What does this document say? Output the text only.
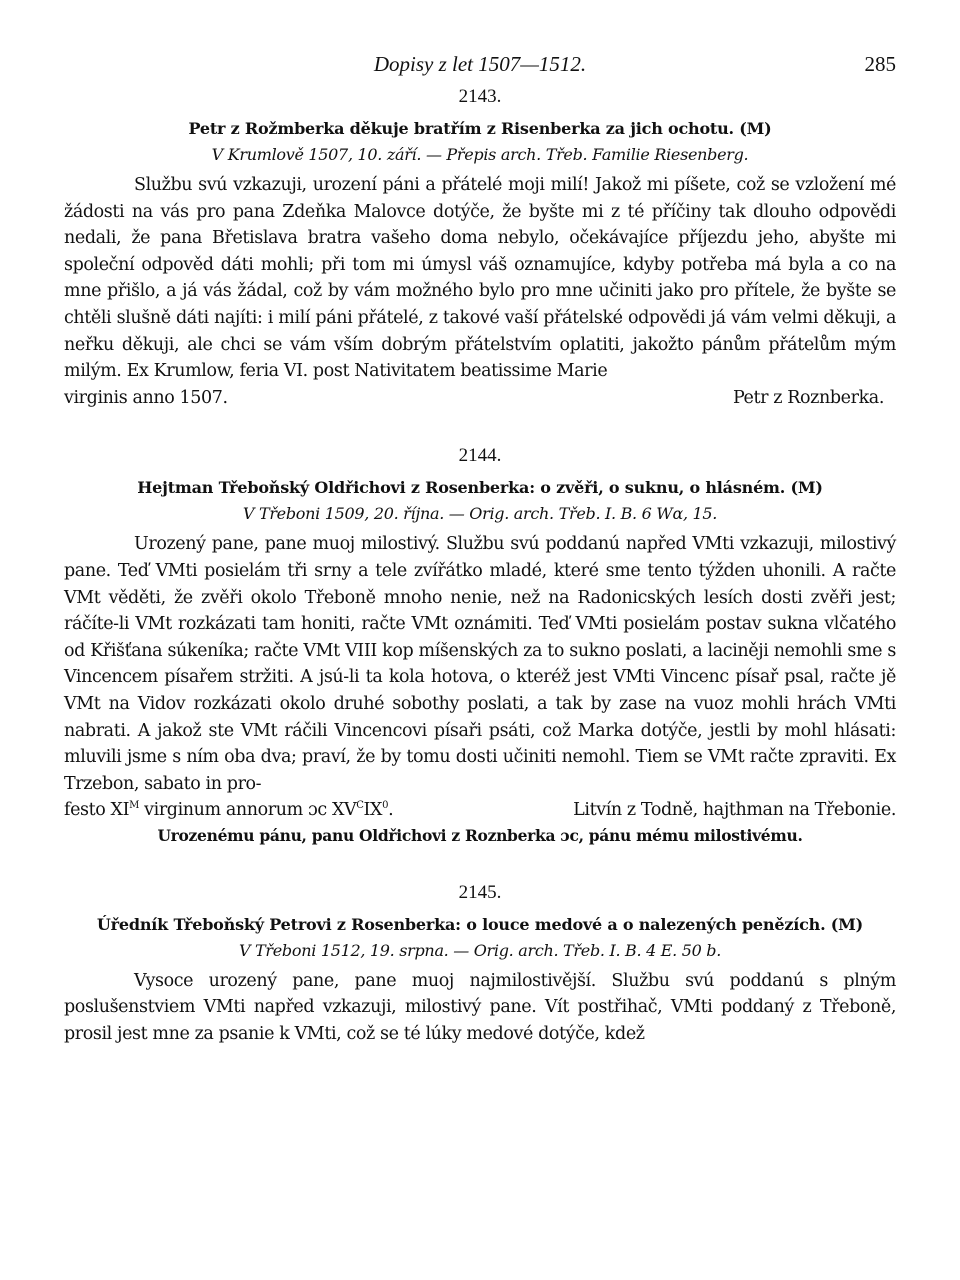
Dopisy z let 1507—1512.	285
2143.
Petr z Rožmberka děkuje bratřím z Risenberka za jich ochotu. (M)
V Krumlově 1507, 10. září. — Přepis arch. Třeb. Familie Riesenberg.

Službu svú vzkazuji, urození páni a přátelé moji milí! Jakož mi píšete, což se vzložení mé žádosti na vás pro pana Zdeňka Malovce dotýče, že byšte mi z té příčiny tak dlouho odpovědi nedali, že pana Břetislava bratra vašeho doma nebylo, očekávajíce příjezdu jeho, abyšte mi společní odpověd dáti mohli; při tom mi úmysl váš oznamujíce, kdyby potřeba má byla a co na mne přišlo, a já vás žádal, což by vám možného bylo pro mne učiniti jako pro přítele, že byšte se chtěli slušně dáti najíti: i milí páni přátelé, z takové vaší přátelské odpovědi já vám velmi děkuji, a neřku děkuji, ale chci se vám vším dobrým přátelstvím oplatiti, jakožto pánům přátelům mým milým. Ex Krumlow, feria VI. post Nativitatem beatissime Marie

virginis anno 1507.	Petr z Roznberka.
2144.
Hejtman Třeboňský Oldřichovi z Rosenberka: o zvěři, o suknu, o hlásném. (M)
V Třeboni 1509, 20. října. — Orig. arch. Třeb. I. B. 6 Wα, 15.

Urozený pane, pane muoj milostivý. Službu svú poddanú napřed VMti vzkazuji, milostivý pane. Teď VMti posielám tři srny a tele zvířátko mladé, které sme tento týžden uhonili. A račte VMt věděti, že zvěři okolo Třeboně mnoho nenie, než na Radonicských lesích dosti zvěři jest; ráčíte-li VMt rozkázati tam honiti, račte VMt oznámiti. Teď VMti posielám postav sukna vlčatého od Křišťana súkeníka; račte VMt VIII kop míšenských za to sukno poslati, a laciněji nemohli sme s Vincencem písařem stržiti. A jsú-li ta kola hotova, o kteréž jest VMti Vincenc písař psal, račte jě VMt na Vidov rozkázati okolo druhé sobothy poslati, a tak by zase na vuoz mohli hrách VMti nabrati. A jakož ste VMt ráčili Vincencovi písaři psáti, což Marka dotýče, jestli by mohl hlásati: mluvili jsme s ním oba dva; praví, že by tomu dosti učiniti nemohl. Tiem se VMt račte zpraviti. Ex Trzebon, sabato in pro-

festo $XI^M$ virginum annorum ɔc $XV^CIX^0$.	Litvín z Todně, hajthman na Třebonie.
Urozenému pánu, panu Oldřichovi z Roznberka ɔc, pánu mému milostivému.
2145.
Úředník Třeboňský Petrovi z Rosenberka: o louce medové a o nalezených penězích. (M)
V Třeboni 1512, 19. srpna. — Orig. arch. Třeb. I. B. 4 E. 50 b.

Vysoce urozený pane, pane muoj najmilostivější. Službu svú poddanú s plným poslušenstviem VMti napřed vzkazuji, milostivý pane. Vít postřihač, VMti poddaný z Třeboně, prosil jest mne za psanie k VMti, což se té lúky medové dotýče, kdež
